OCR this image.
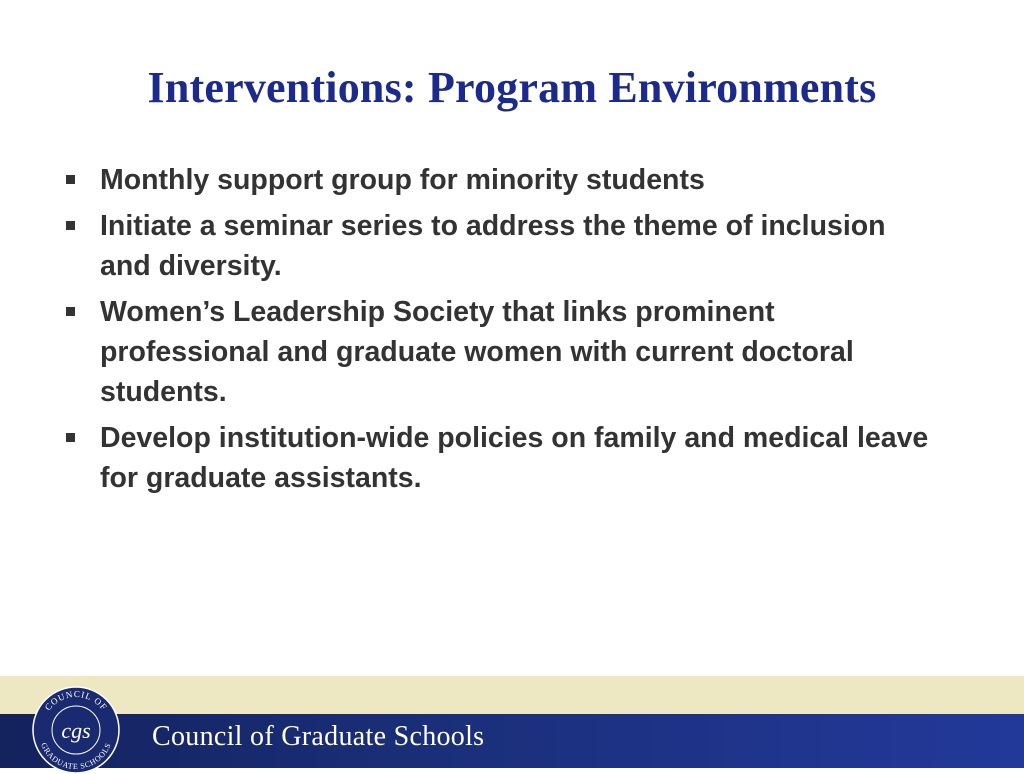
Interventions: Program Environments
Monthly support group for minority students
Initiate a seminar series to address the theme of inclusion and diversity.
Women’s Leadership Society that links prominent professional and graduate women with current doctoral students.
Develop institution-wide policies on family and medical leave for graduate assistants.
COUNCIL OF
GRADUATE SCHOOLS
cgs Council of Graduate Schools
